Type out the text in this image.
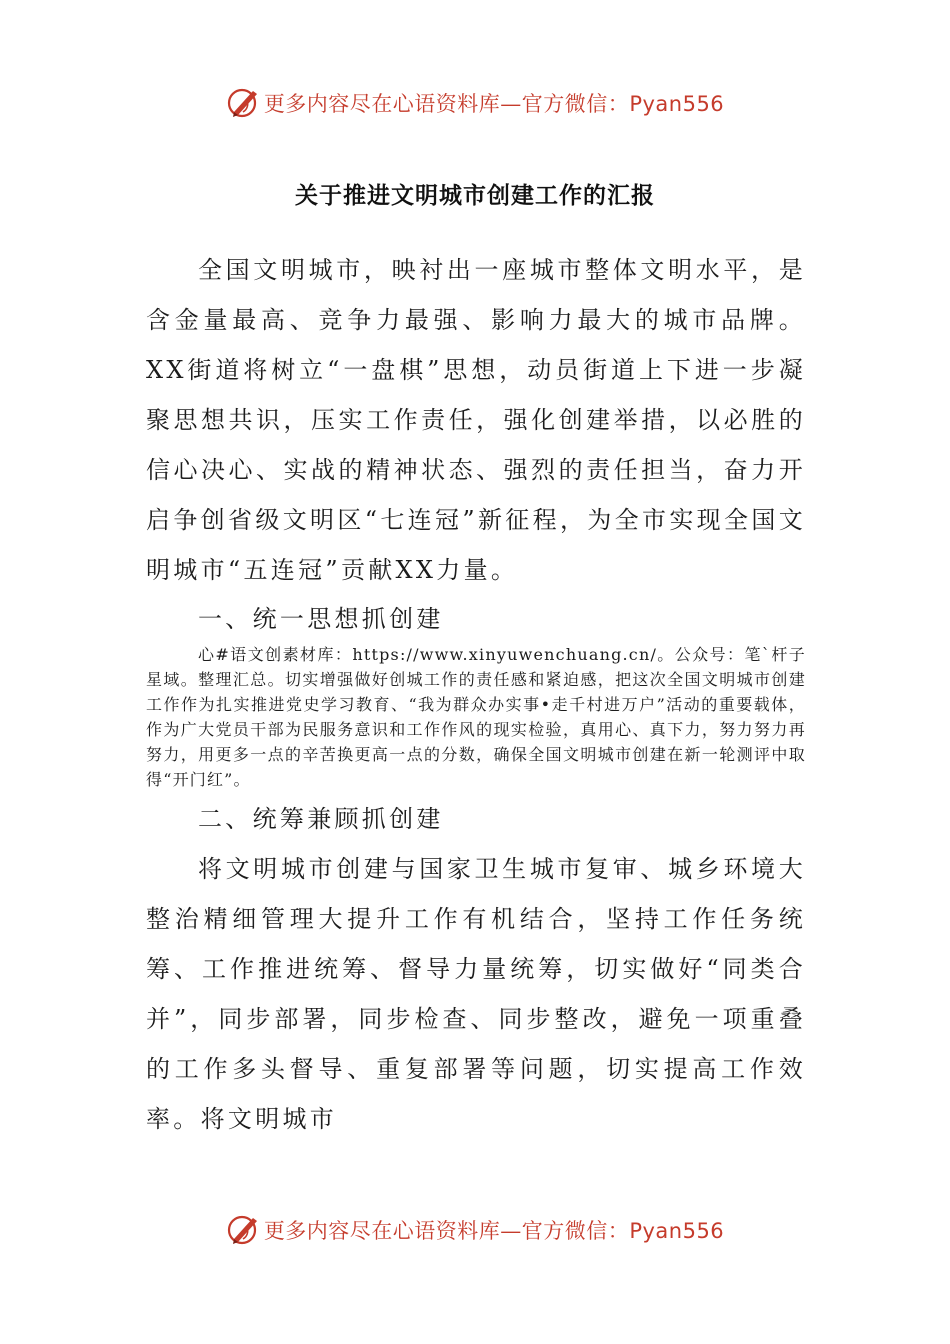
更多内容尽在心语资料库—官方微信：Pyan556
关于推进文明城市创建工作的汇报

全国文明城市，映衬出一座城市整体文明水平，是含金量最高、竞争力最强、影响力最大的城市品牌。XX街道将树立“一盘棋”思想，动员街道上下进一步凝聚思想共识，压实工作责任，强化创建举措，以必胜的信心决心、实战的精神状态、强烈的责任担当，奋力开启争创省级文明区“七连冠”新征程，为全市实现全国文明城市“五连冠”贡献XX力量。

一、统一思想抓创建

心#语文创素材库：https://www.xinyuwenchuang.cn/。公众号：笔`杆子星域。整理汇总。切实增强做好创城工作的责任感和紧迫感，把这次全国文明城市创建工作作为扎实推进党史学习教育、“我为群众办实事•走千村进万户”活动的重要载体，作为广大党员干部为民服务意识和工作作风的现实检验，真用心、真下力，努力努力再努力，用更多一点的辛苦换更高一点的分数，确保全国文明城市创建在新一轮测评中取得“开门红”。

二、统筹兼顾抓创建

将文明城市创建与国家卫生城市复审、城乡环境大整治精细管理大提升工作有机结合，坚持工作任务统筹、工作推进统筹、督导力量统筹，切实做好“同类合并”，同步部署，同步检查、同步整改，避免一项重叠的工作多头督导、重复部署等问题，切实提高工作效率。将文明城市

更多内容尽在心语资料库—官方微信：Pyan556
